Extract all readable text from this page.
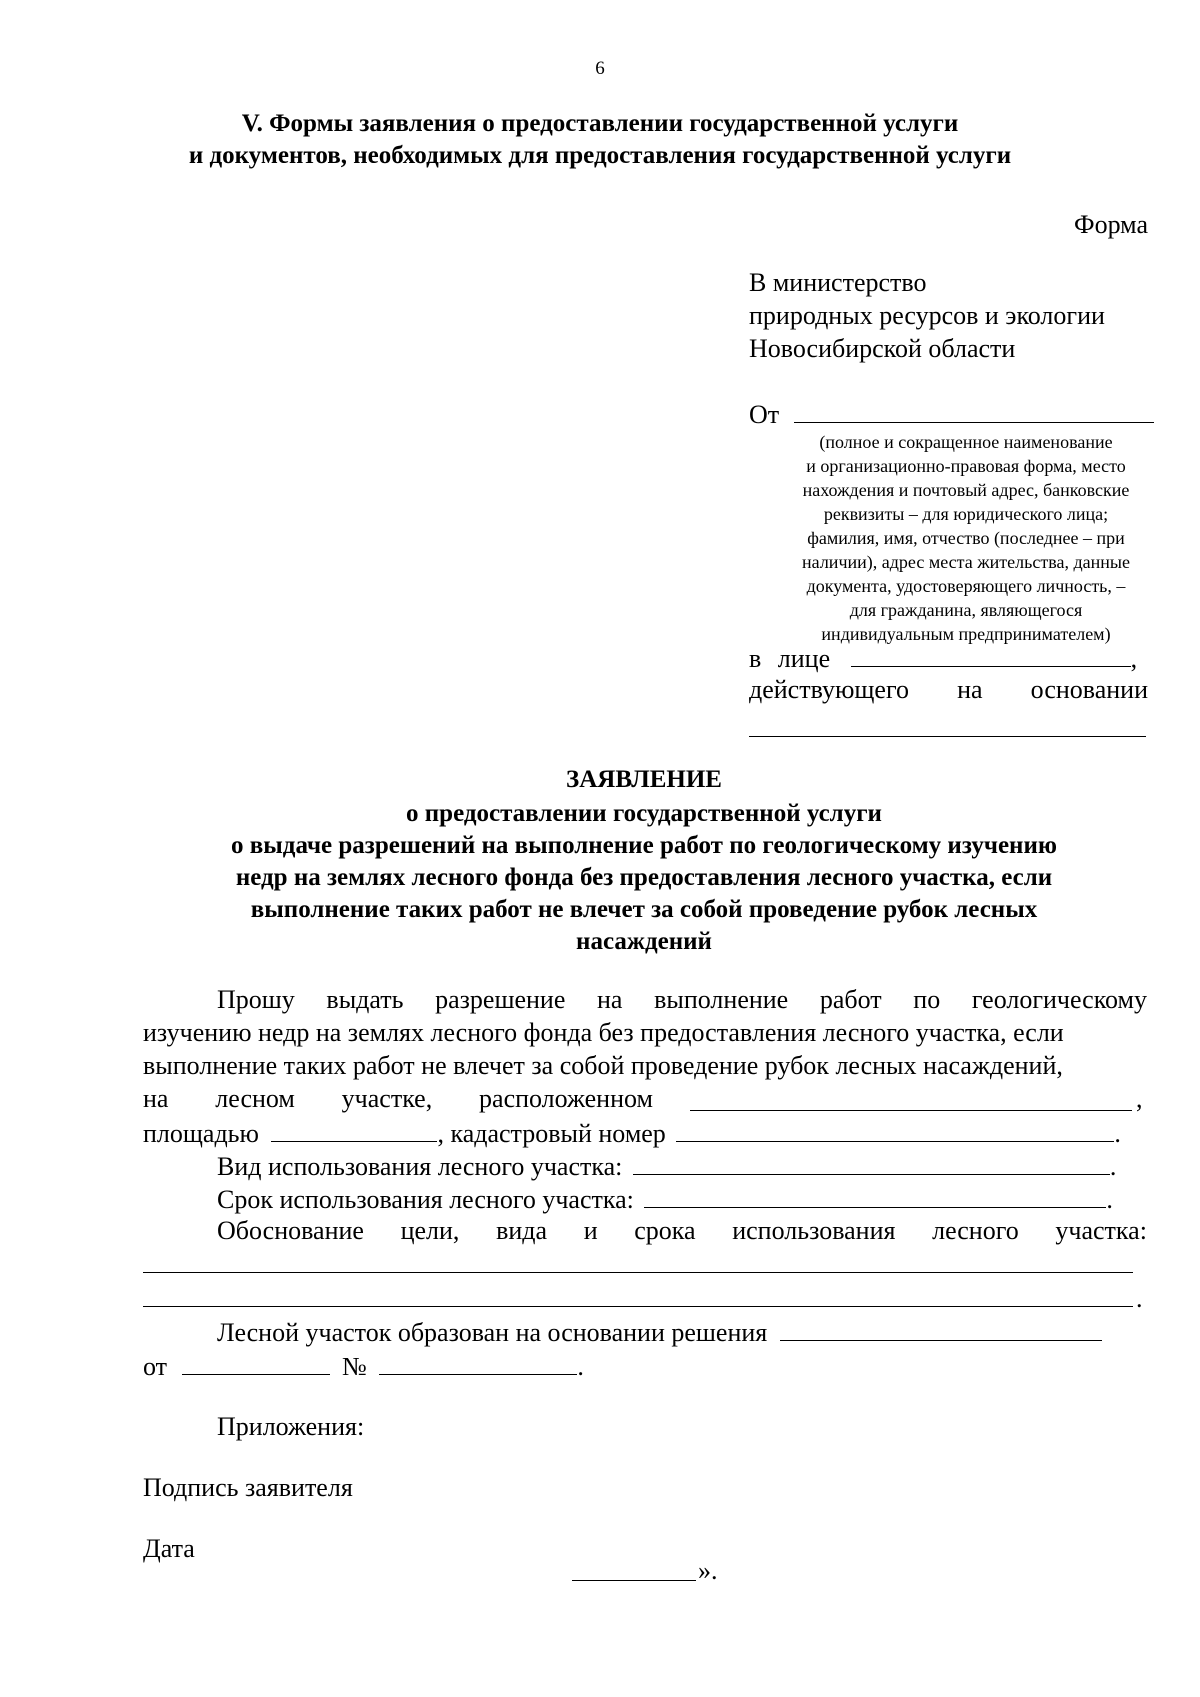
6
V. Формы заявления о предоставлении государственной услуги
и документов, необходимых для предоставления государственной услуги
Форма
В министерство
природных ресурсов и экологии
Новосибирской области
От
(полное и сокращенное наименование
и организационно-правовая форма, место
нахождения и почтовый адрес, банковские
реквизиты – для юридического лица;
фамилия, имя, отчество (последнее – при
наличии), адрес места жительства, данные
документа, удостоверяющего личность, –
для гражданина, являющегося
индивидуальным предпринимателем)
в лице	,
действующего на основании
ЗАЯВЛЕНИЕ
о предоставлении государственной услуги
о выдаче разрешений на выполнение работ по геологическому изучению
недр на землях лесного фонда без предоставления лесного участка, если
выполнение таких работ не влечет за собой проведение рубок лесных
насаждений
Прошу выдать разрешение на выполнение работ по геологическому
изучению недр на землях лесного фонда без предоставления лесного участка, если
выполнение таких работ не влечет за собой проведение рубок лесных насаждений,
на лесном участке, расположенном	,
площадью	, кадастровый номер	.
Вид использования лесного участка:	.
Срок использования лесного участка:	.
Обоснование цели, вида и срока использования лесного участка:
.
Лесной участок образован на основании решения
от	№	.
Приложения:
Подпись заявителя
Дата
».
